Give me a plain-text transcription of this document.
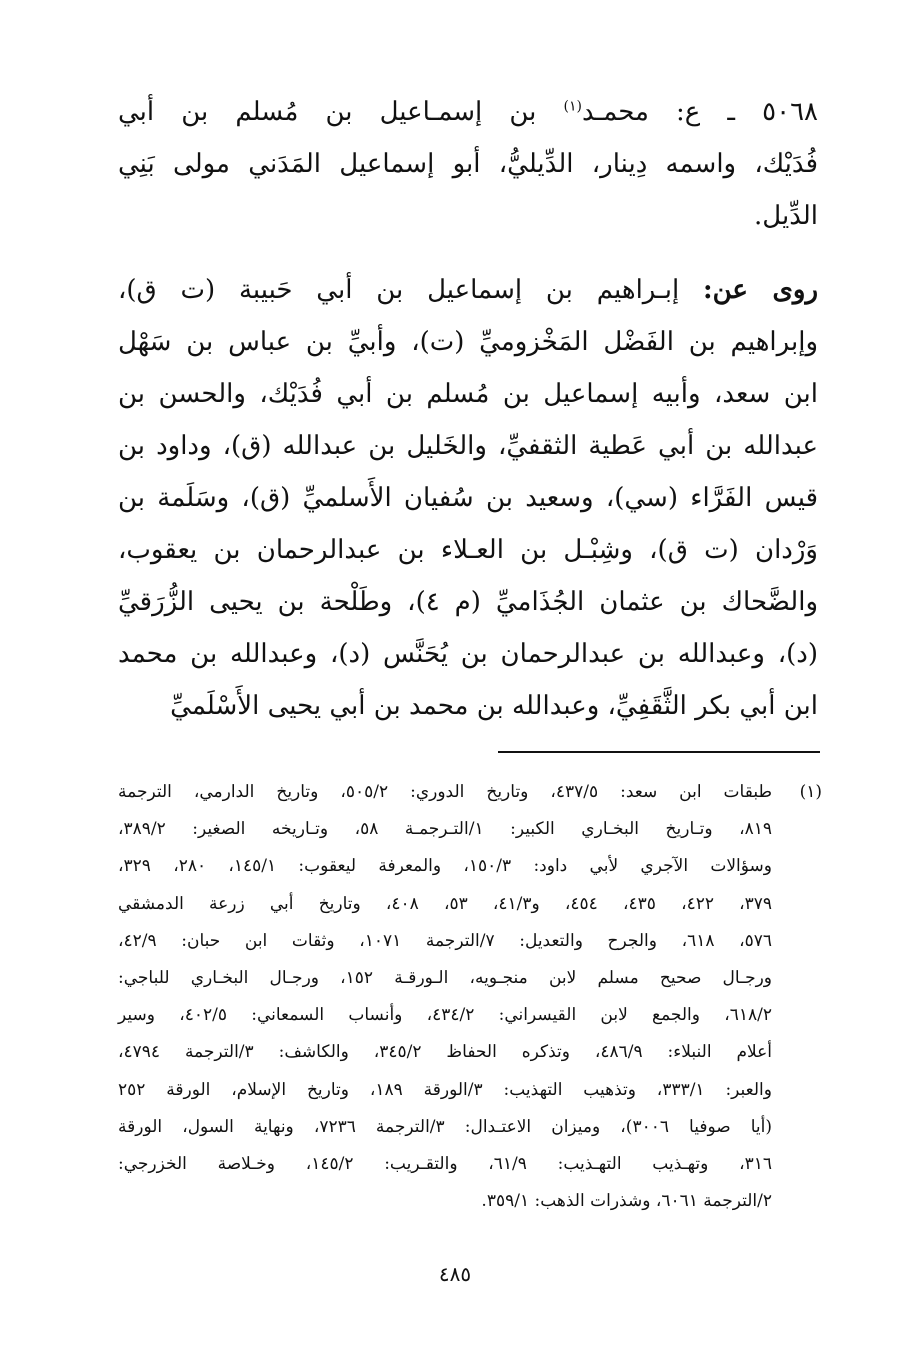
٥٠٦٨ ـ ع: محمـد$^{(١)}$ بن إسمـاعيل بن مُسلم بن أبي
فُدَيْك، واسمه دِينار، الدِّيليُّ، أبو إسماعيل المَدَني مولى بَنِي
الدِّيل.

روى عن: إبـراهيم بن إسماعيل بن أبي حَبيبة (ت ق)،
وإبراهيم بن الفَضْل المَخْزوميِّ (ت)، وأبيِّ بن عباس بن سَهْل
ابن سعد، وأبيه إسماعيل بن مُسلم بن أبي فُدَيْك، والحسن بن
عبدالله بن أبي عَطية الثقفيِّ، والخَليل بن عبدالله (ق)، وداود بن
قيس الفَرَّاء (سي)، وسعيد بن سُفيان الأَسلميِّ (ق)، وسَلَمة بن
وَرْدان (ت ق)، وشِبْـل بن العـلاء بن عبدالرحمان بن يعقوب،
والضَّحاك بن عثمان الجُذَاميِّ (م ٤)، وطَلْحة بن يحيى الزُّرَقيِّ
(د)، وعبدالله بن عبدالرحمان بن يُحَنَّس (د)، وعبدالله بن محمد
ابن أبي بكر الثَّقَفِيِّ، وعبدالله بن محمد بن أبي يحيى الأَسْلَميِّ

(١)
طبقات ابن سعد: ٤٣٧/٥، وتاريخ الدوري: ٥٠٥/٢، وتاريخ الدارمي، الترجمة
٨١٩، وتـاريخ البخـاري الكبير: ١/التـرجمـة ٥٨، وتـاريخه الصغير: ٣٨٩/٢،
وسؤالات الآجري لأبي داود: ١٥٠/٣، والمعرفة ليعقوب: ١٤٥/١، ٢٨٠، ٣٢٩،
٣٧٩، ٤٢٢، ٤٣٥، ٤٥٤، و٤١/٣، ٥٣، ٤٠٨، وتاريخ أبي زرعة الدمشقي
٥٧٦، ٦١٨، والجرح والتعديل: ٧/الترجمة ١٠٧١، وثقات ابن حبان: ٤٢/٩،
ورجـال صحيح مسلم لابن منجـويه، الـورقـة ١٥٢، ورجـال البخـاري للباجي:
٦١٨/٢، والجمع لابن القيسراني: ٤٣٤/٢، وأنساب السمعاني: ٤٠٢/٥، وسير
أعلام النبلاء: ٤٨٦/٩، وتذكره الحفاظ ٣٤٥/٢، والكاشف: ٣/الترجمة ٤٧٩٤،
والعبر: ٣٣٣/١، وتذهيب التهذيب: ٣/الورقة ١٨٩، وتاريخ الإسلام، الورقة ٢٥٢
(أيا صوفيا ٣٠٠٦)، وميزان الاعتـدال: ٣/الترجمة ٧٢٣٦، ونهاية السول، الورقة
٣١٦، وتهـذيب التهـذيب: ٦١/٩، والتقـريب: ١٤٥/٢، وخـلاصة الخزرجي:
٢/الترجمة ٦٠٦١، وشذرات الذهب: ٣٥٩/١.
٤٨٥
